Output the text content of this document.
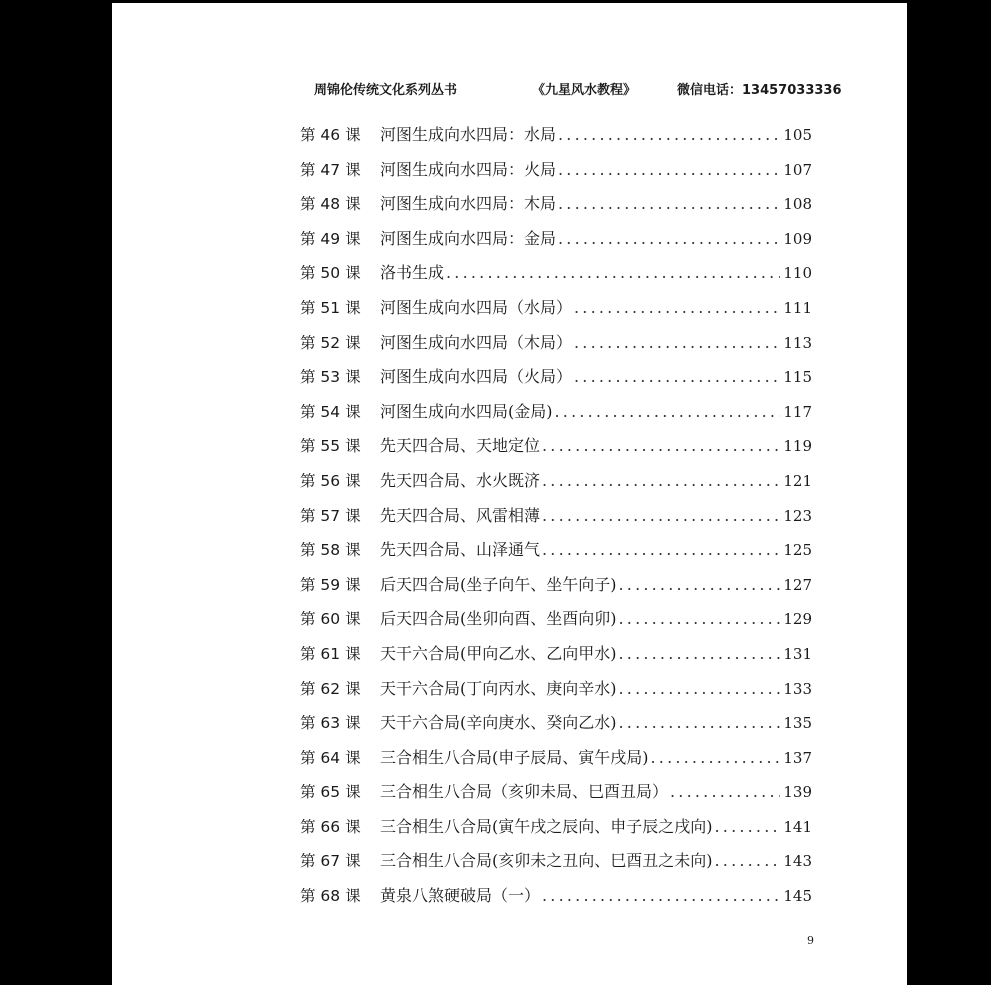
周锦伦传统文化系列丛书	《九星风水教程》	微信电话：13457033336
第 46 课	河图生成向水四局：水局 .....	105
第 47 课	河图生成向水四局：火局 .....	107
第 48 课	河图生成向水四局：木局 .....	108
第 49 课	河图生成向水四局：金局 .....	109
第 50 课	洛书生成 .....	110
第 51 课	河图生成向水四局（水局） .....	111
第 52 课	河图生成向水四局（木局） .....	113
第 53 课	河图生成向水四局（火局） .....	115
第 54 课	河图生成向水四局(金局) .....	117
第 55 课	先天四合局、天地定位 .....	119
第 56 课	先天四合局、水火既济 .....	121
第 57 课	先天四合局、风雷相薄 .....	123
第 58 课	先天四合局、山泽通气 .....	125
第 59 课	后天四合局(坐子向午、坐午向子) .....	127
第 60 课	后天四合局(坐卯向酉、坐酉向卯) .....	129
第 61 课	天干六合局(甲向乙水、乙向甲水) .....	131
第 62 课	天干六合局(丁向丙水、庚向辛水) .....	133
第 63 课	天干六合局(辛向庚水、癸向乙水) .....	135
第 64 课	三合相生八合局(申子辰局、寅午戌局) .....	137
第 65 课	三合相生八合局（亥卯未局、巳酉丑局） .....	139
第 66 课	三合相生八合局(寅午戌之辰向、申子辰之戌向) .....	141
第 67 课	三合相生八合局(亥卯未之丑向、巳酉丑之未向) .....	143
第 68 课	黄泉八煞硬破局（一） .....	145
9
